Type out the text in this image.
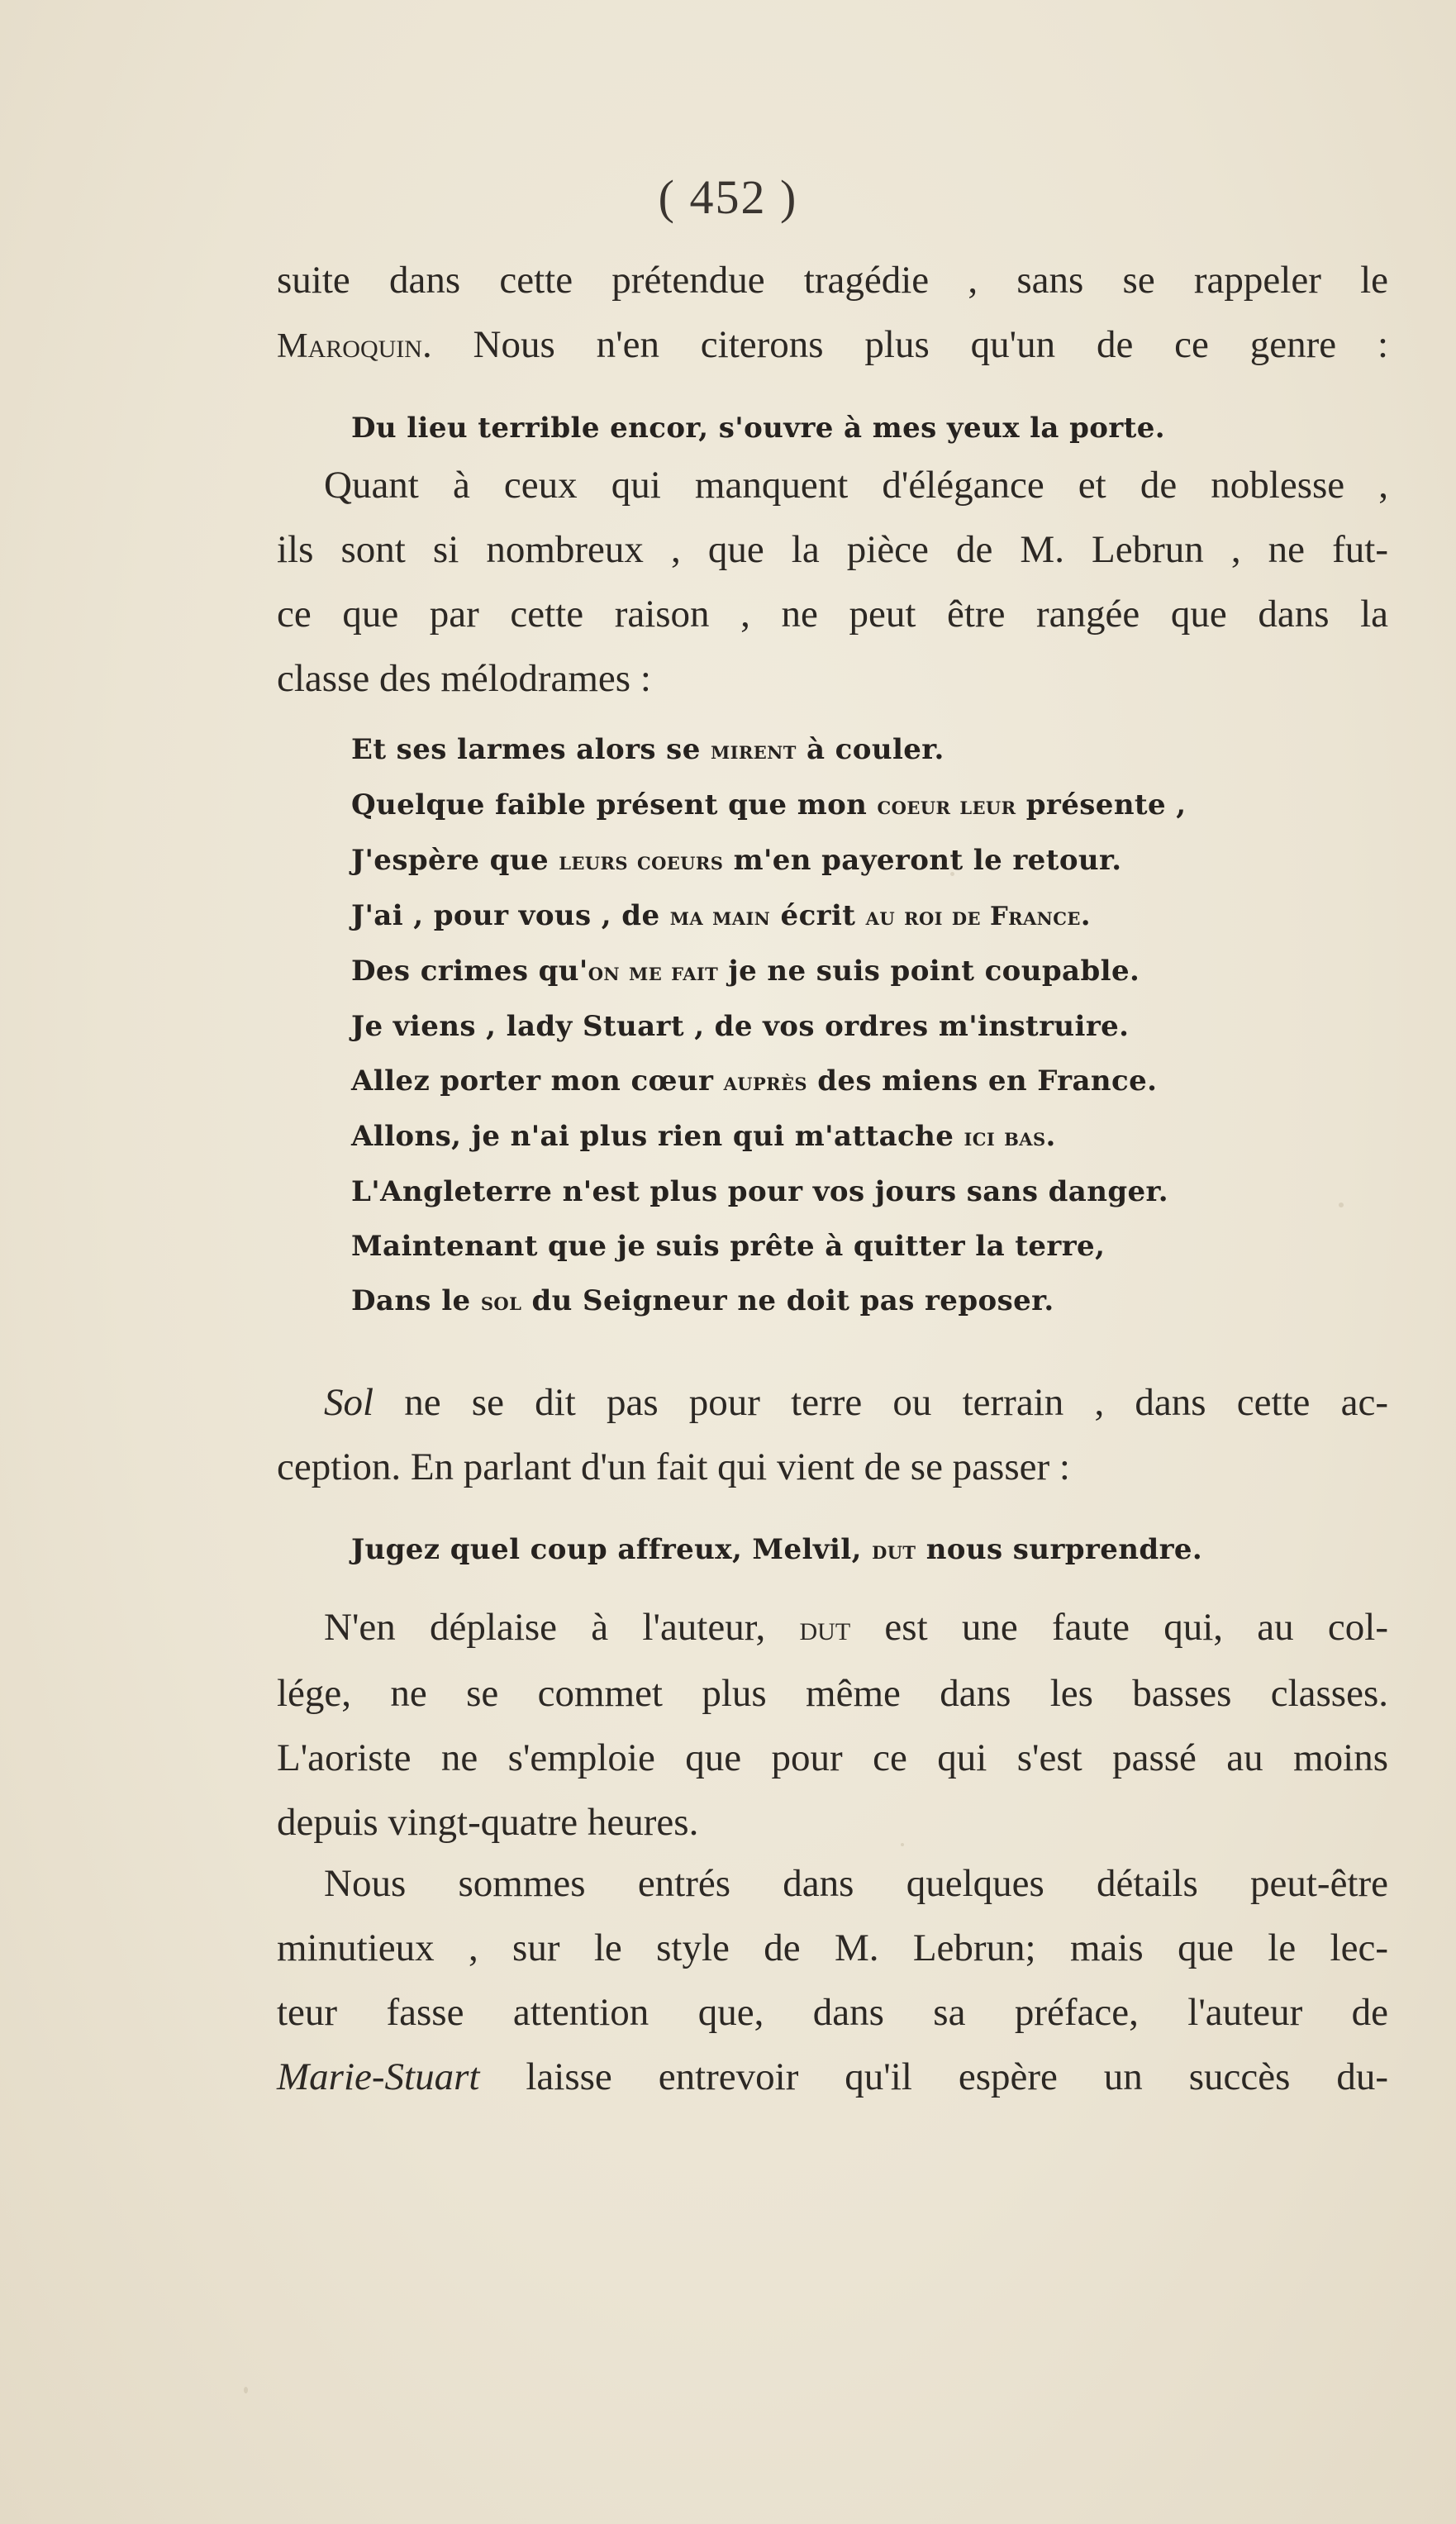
( 452 )

suite dans cette prétendue tragédie , sans se rappeler le

Maroquin. Nous n'en citerons plus qu'un de ce genre :

Du lieu terrible encor, s'ouvre à mes yeux la porte.

Quant à ceux qui manquent d'élégance et de noblesse ,

ils sont si nombreux , que la pièce de M. Lebrun , ne fut-

ce que par cette raison , ne peut être rangée que dans la

classe des mélodrames :

Et ses larmes alors se mirent à couler.

Quelque faible présent que mon coeur leur présente ,

J'espère que leurs coeurs m'en payeront le retour.

J'ai , pour vous , de ma main écrit au roi de France.

Des crimes qu'on me fait je ne suis point coupable.

Je viens , lady Stuart , de vos ordres m'instruire.

Allez porter mon cœur auprès des miens en France.

Allons, je n'ai plus rien qui m'attache ici bas.

L'Angleterre n'est plus pour vos jours sans danger.

Maintenant que je suis prête à quitter la terre,

Dans le sol du Seigneur ne doit pas reposer.

Sol ne se dit pas pour terre ou terrain , dans cette ac-

ception. En parlant d'un fait qui vient de se passer :

Jugez quel coup affreux, Melvil, dut nous surprendre.

N'en déplaise à l'auteur, dut est une faute qui, au col-

lége, ne se commet plus même dans les basses classes.

L'aoriste ne s'emploie que pour ce qui s'est passé au moins

depuis vingt-quatre heures.

Nous sommes entrés dans quelques détails peut-être

minutieux , sur le style de M. Lebrun; mais que le lec-

teur fasse attention que, dans sa préface, l'auteur de

Marie-Stuart laisse entrevoir qu'il espère un succès du-
